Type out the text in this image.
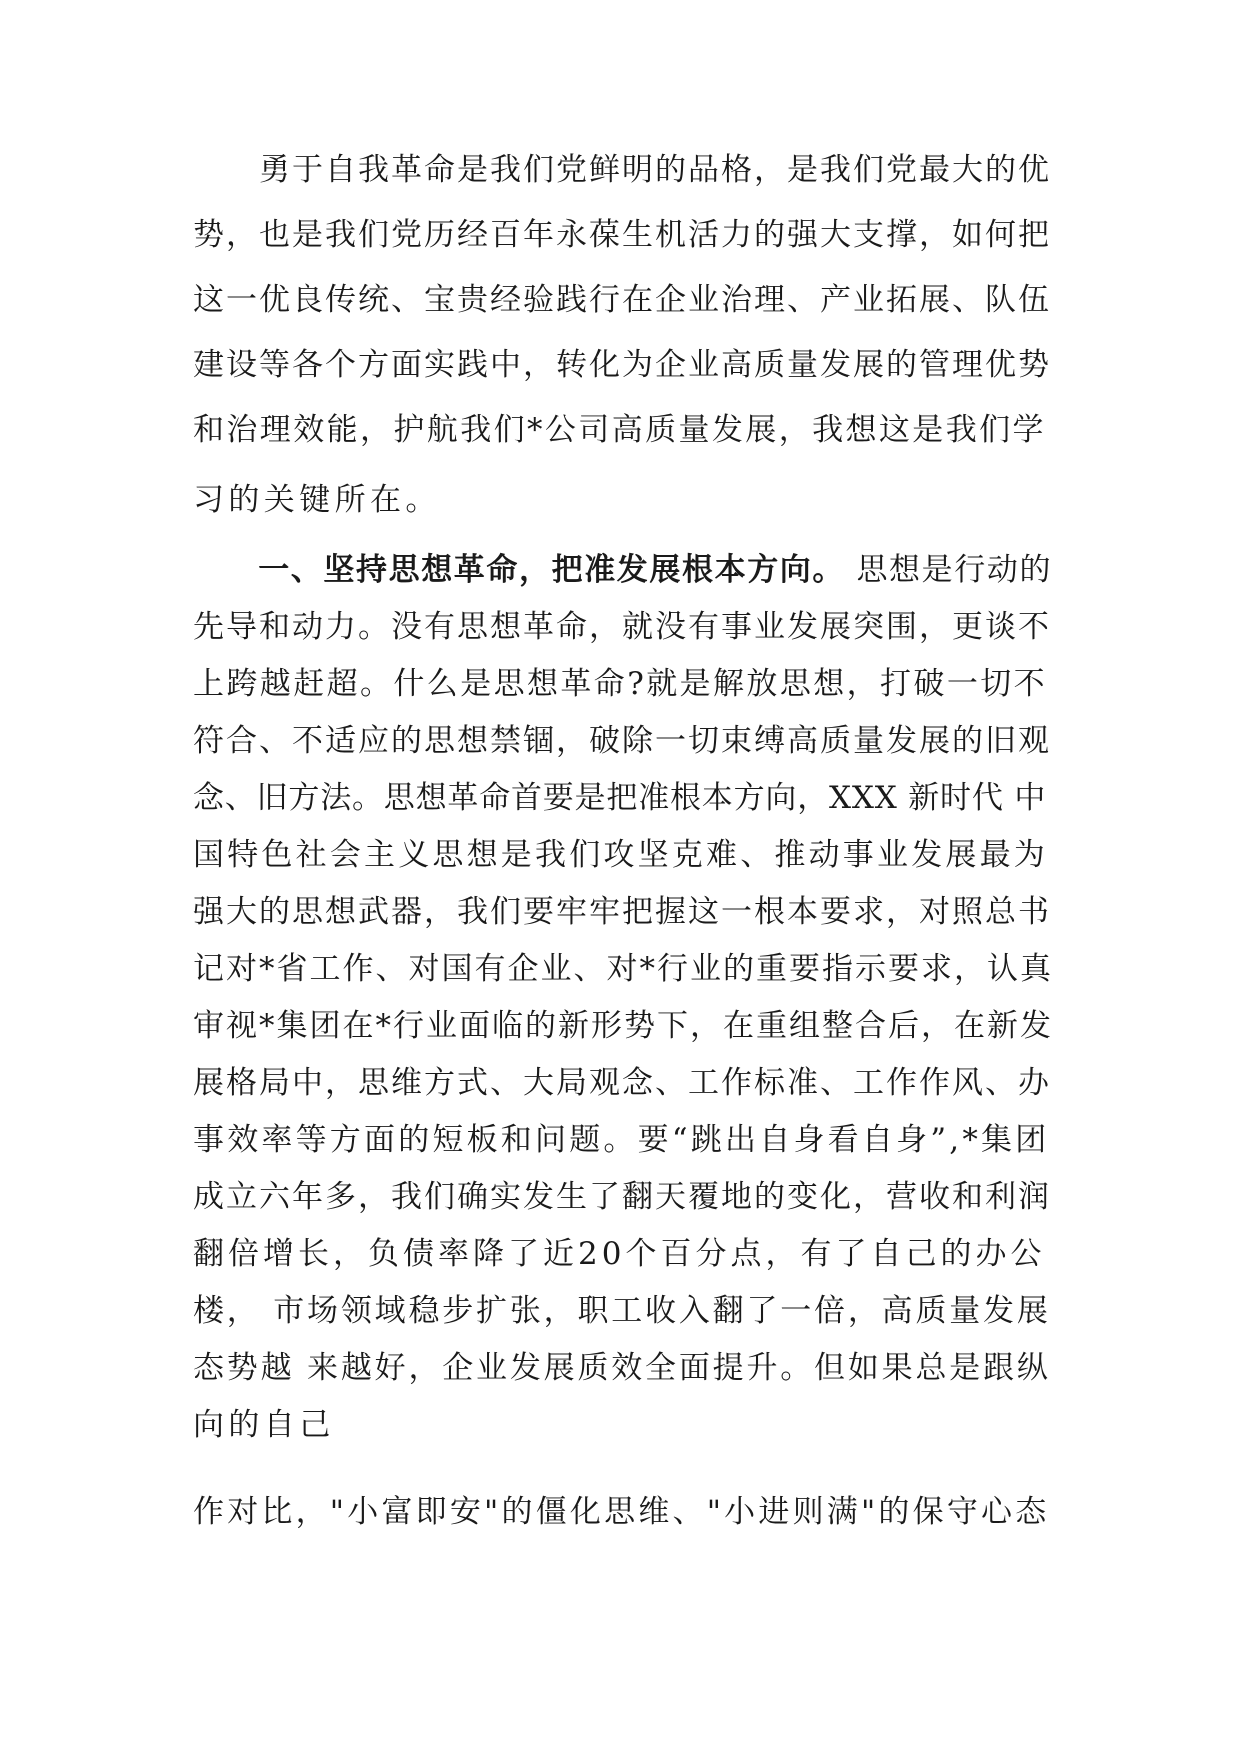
　　勇于自我革命是我们党鲜明的品格，是我们党最大的优
势，也是我们党历经百年永葆生机活力的强大支撑，如何把
这一优良传统、宝贵经验践行在企业治理、产业拓展、队伍
建设等各个方面实践中，转化为企业高质量发展的管理优势
和治理效能，护航我们*公司高质量发展，我想这是我们学
习的关键所在。
　　一、坚持思想革命，把准发展根本方向。 思想是行动的
先导和动力。没有思想革命，就没有事业发展突围，更谈不
上跨越赶超。什么是思想革命?就是解放思想，打破一切不
符合、不适应的思想禁锢，破除一切束缚高质量发展的旧观
念、旧方法。思想革命首要是把准根本方向，XXX 新时代 中
国特色社会主义思想是我们攻坚克难、推动事业发展最为
强大的思想武器，我们要牢牢把握这一根本要求，对照总书
记对*省工作、对国有企业、对*行业的重要指示要求，认真
审视*集团在*行业面临的新形势下，在重组整合后，在新发
展格局中，思维方式、大局观念、工作标准、工作作风、办
事效率等方面的短板和问题。要“跳出自身看自身”,*集团
成立六年多，我们确实发生了翻天覆地的变化，营收和利润
翻倍增长，负债率降了近20个百分点，有了自己的办公
楼， 市场领域稳步扩张，职工收入翻了一倍，高质量发展
态势越 来越好，企业发展质效全面提升。但如果总是跟纵
向的自己
作对比，"小富即安"的僵化思维、"小进则满"的保守心态
